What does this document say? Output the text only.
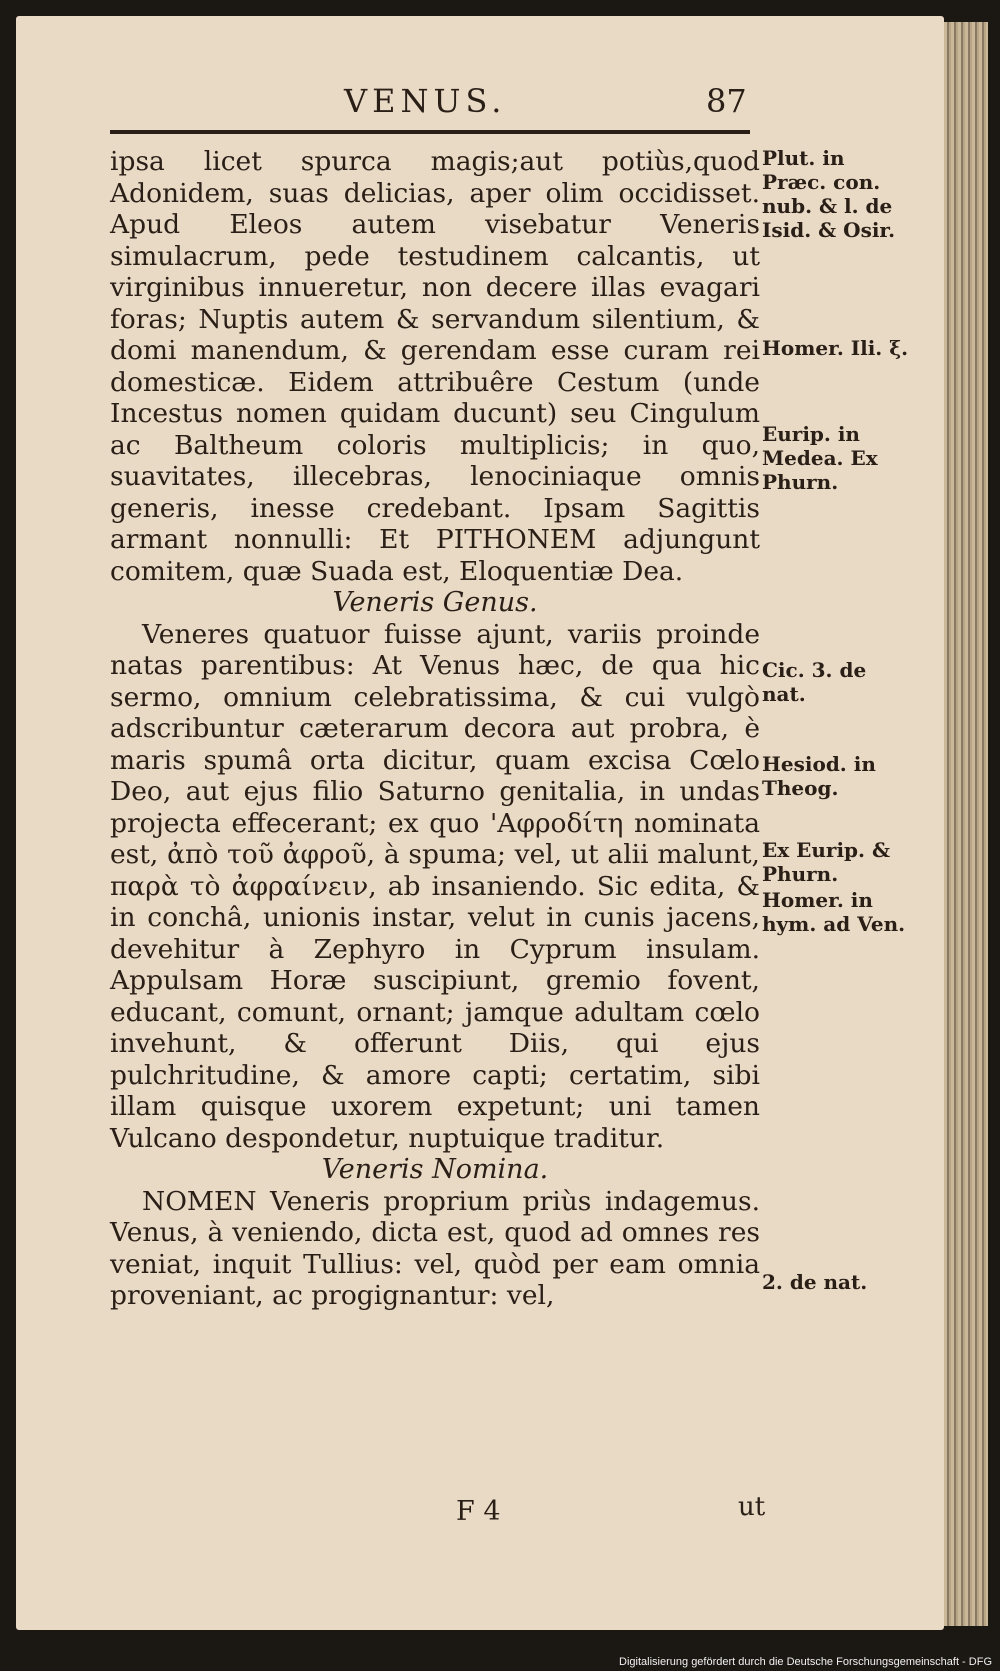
VENUS.	87

ipsa licet spurca magis;aut potiùs,quod Adonidem, suas delicias, aper olim occidisset. Apud Eleos autem visebatur Veneris simulacrum, pede testudinem calcantis, ut virginibus innueretur, non decere illas evagari foras; Nuptis autem & servandum silentium, & domi manendum, & gerendam esse curam rei domesticæ. Eidem attribuêre Cestum (unde Incestus nomen quidam ducunt) seu Cingulum ac Baltheum coloris multiplicis; in quo, suavitates, illecebras, lenociniaque omnis generis, inesse credebant. Ipsam Sagittis armant nonnulli: Et PITHONEM adjungunt comitem, quæ Suada est, Eloquentiæ Dea.

Veneris Genus.

Veneres quatuor fuisse ajunt, variis proinde natas parentibus: At Venus hæc, de qua hic sermo, omnium celebratissima, & cui vulgò adscribuntur cæterarum decora aut probra, è maris spumâ orta dicitur, quam excisa Cœlo Deo, aut ejus filio Saturno genitalia, in undas projecta effecerant; ex quo 'Αφροδίτη nominata est, ἀπὸ τοῦ ἀφροῦ, à spuma; vel, ut alii malunt, παρὰ τὸ ἀφραίνειν, ab insaniendo. Sic edita, & in conchâ, unionis instar, velut in cunis jacens, devehitur à Zephyro in Cyprum insulam. Appulsam Horæ suscipiunt, gremio fovent, educant, comunt, ornant; jamque adultam cœlo invehunt, & offerunt Diis, qui ejus pulchritudine, & amore capti; certatim, sibi illam quisque uxorem expetunt; uni tamen Vulcano despondetur, nuptuique traditur.

Veneris Nomina.

NOMEN Veneris proprium priùs indagemus. Venus, à veniendo, dicta est, quod ad omnes res veniat, inquit Tullius: vel, quòd per eam omnia proveniant, ac progignantur: vel,

Plut. in Præc. con. nub. & l. de Isid. & Osir.
Homer. Ili. ξ.
Eurip. in Medea. Ex Phurn.
Cic. 3. de nat.
Hesiod. in Theog.
Ex Eurip. & Phurn.
Homer. in hym. ad Ven.
2. de nat.
F 4	ut
Digitalisierung gefördert durch die Deutsche Forschungsgemeinschaft - DFG
